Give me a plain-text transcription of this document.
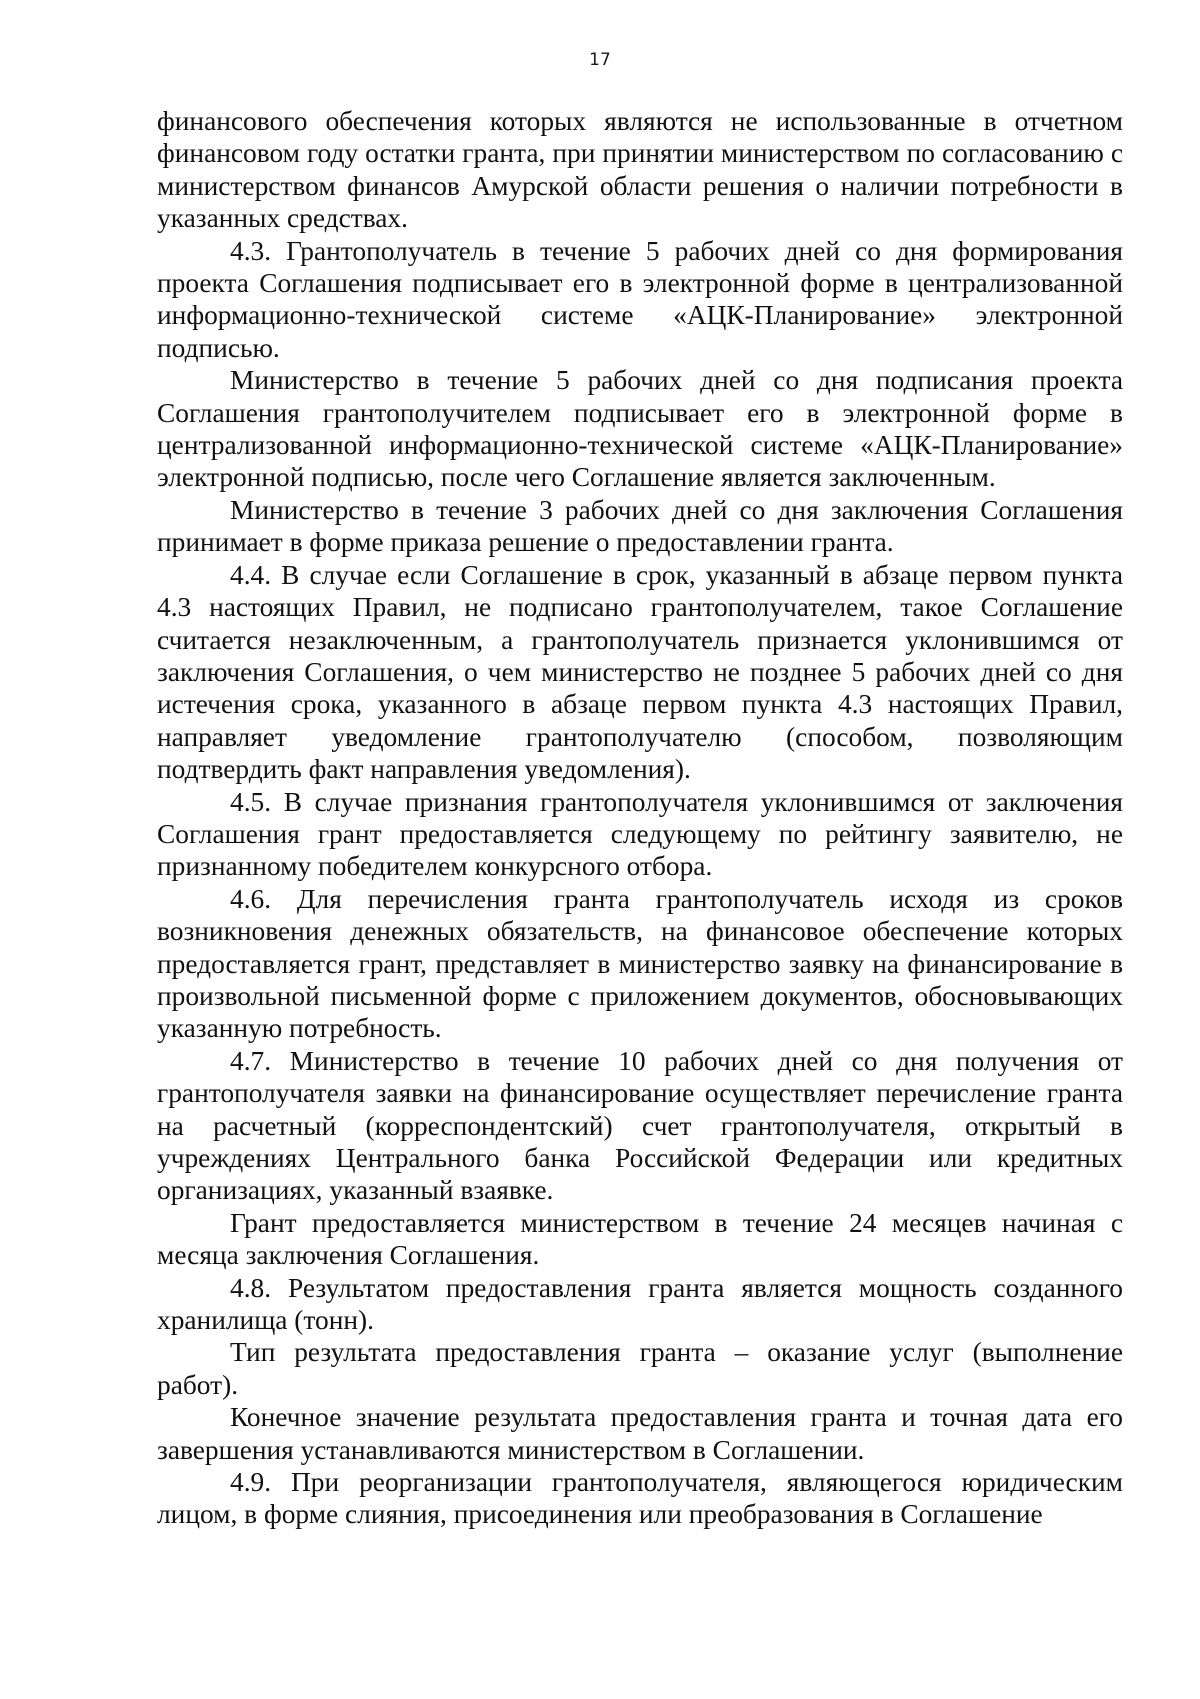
17

финансового обеспечения которых являются не использованные в отчетном финансовом году остатки гранта, при принятии министерством по согласованию с министерством финансов Амурской области решения о наличии потребности в указанных средствах.

4.3. Грантополучатель в течение 5 рабочих дней со дня формирования проекта Соглашения подписывает его в электронной форме в централизованной информационно-технической системе «АЦК-Планирование» электронной подписью.

Министерство в течение 5 рабочих дней со дня подписания проекта Соглашения грантополучителем подписывает его в электронной форме в централизованной информационно-технической системе «АЦК-Планирование» электронной подписью, после чего Соглашение является заключенным.

Министерство в течение 3 рабочих дней со дня заключения Соглашения принимает в форме приказа решение о предоставлении гранта.

4.4. В случае если Соглашение в срок, указанный в абзаце первом пункта 4.3 настоящих Правил, не подписано грантополучателем, такое Соглашение считается незаключенным, а грантополучатель признается уклонившимся от заключения Соглашения, о чем министерство не позднее 5 рабочих дней со дня истечения срока, указанного в абзаце первом пункта 4.3 настоящих Правил, направляет уведомление грантополучателю (способом, позволяющим подтвердить факт направления уведомления).

4.5. В случае признания грантополучателя уклонившимся от заключения Соглашения грант предоставляется следующему по рейтингу заявителю, не признанному победителем конкурсного отбора.

4.6. Для перечисления гранта грантополучатель исходя из сроков возникновения денежных обязательств, на финансовое обеспечение которых предоставляется грант, представляет в министерство заявку на финансирование в произвольной письменной форме с приложением документов, обосновывающих указанную потребность.

4.7. Министерство в течение 10 рабочих дней со дня получения от грантополучателя заявки на финансирование осуществляет перечисление гранта на расчетный (корреспондентский) счет грантополучателя, открытый в учреждениях Центрального банка Российской Федерации или кредитных организациях, указанный взаявке.

Грант предоставляется министерством в течение 24 месяцев начиная с месяца заключения Соглашения.

4.8. Результатом предоставления гранта является мощность созданного хранилища (тонн).

Тип результата предоставления гранта – оказание услуг (выполнение работ).

Конечное значение результата предоставления гранта и точная дата его завершения устанавливаются министерством в Соглашении.

4.9. При реорганизации грантополучателя, являющегося юридическим лицом, в форме слияния, присоединения или преобразования в Соглашение
